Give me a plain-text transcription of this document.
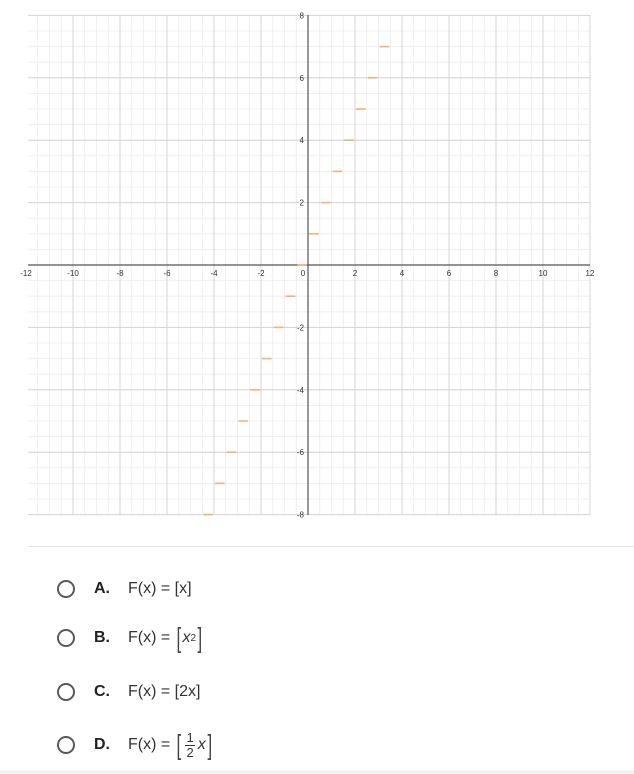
-12	-10	-8	-6	-4	-2	0	2	4	6	8	10	12
8
6
4
2
-2
-4
-6
-8
A.	F(x) = [x]
B.	F(x) = [ x 2 ]
C.	F(x) = [2x]
D.	F(x) = [ $\frac{1}{2}$ x ]
